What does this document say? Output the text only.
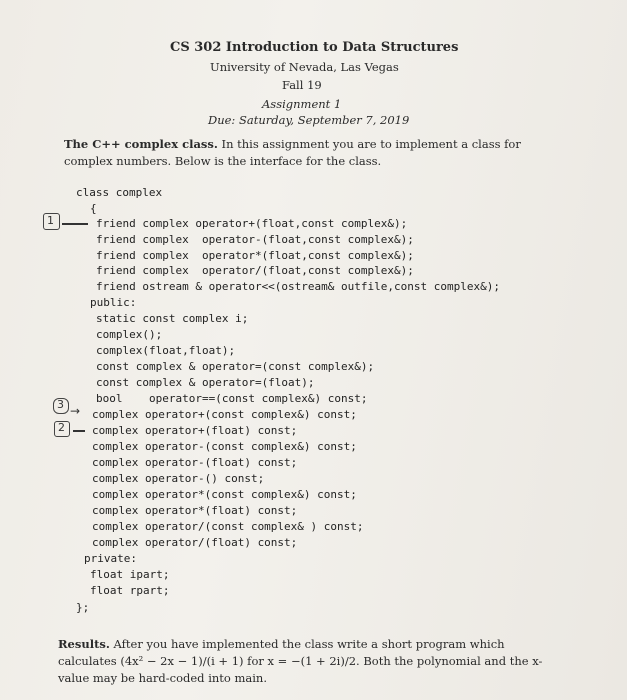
CS 302 Introduction to Data Structures
University of Nevada, Las Vegas
Fall 19
Assignment 1
Due: Saturday, September 7, 2019
The C++ complex class. In this assignment you are to implement a class for complex numbers. Below is the interface for the class.
class complex
{
friend complex operator+(float,const complex&);
friend complex  operator-(float,const complex&);
friend complex  operator*(float,const complex&);
friend complex  operator/(float,const complex&);
friend ostream & operator<<(ostream& outfile,const complex&);
public:
static const complex i;
complex();
complex(float,float);
const complex & operator=(const complex&);
const complex & operator=(float);
bool    operator==(const complex&) const;
complex operator+(const complex&) const;
complex operator+(float) const;
complex operator-(const complex&) const;
complex operator-(float) const;
complex operator-() const;
complex operator*(const complex&) const;
complex operator*(float) const;
complex operator/(const complex& ) const;
complex operator/(float) const;
private:
float ipart;
float rpart;
};
1
3 →
2
Results. After you have implemented the class write a short program which calculates (4x² − 2x − 1)/(i + 1) for x = −(1 + 2i)/2. Both the polynomial and the x-value may be hard-coded into main.
